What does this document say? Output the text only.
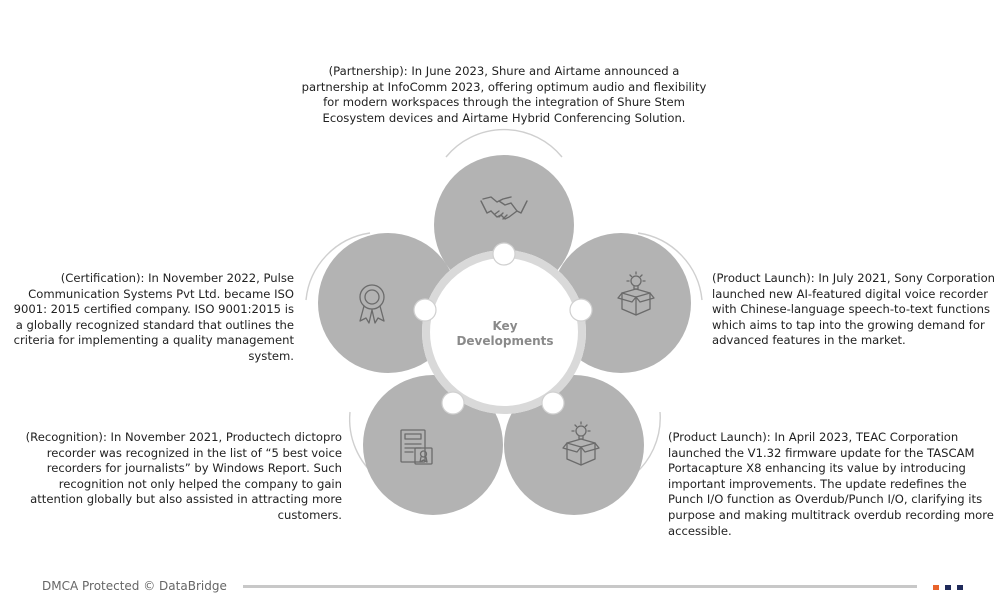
(Partnership): In June 2023, Shure and Airtame announced a partnership at InfoComm 2023, offering optimum audio and flexibility for modern workspaces through the integration of Shure Stem Ecosystem devices and Airtame Hybrid Conferencing Solution.

(Product Launch): In July 2021, Sony Corporation launched new AI-featured digital voice recorder with Chinese-language speech-to-text functions which aims to tap into the growing demand for advanced features in the market.

(Product Launch): In April 2023, TEAC Corporation launched the V1.32 firmware update for the TASCAM Portacapture X8 enhancing its value by introducing important improvements. The update redefines the Punch I/O function as Overdub/Punch I/O, clarifying its purpose and making multitrack overdub recording more accessible.

(Certification): In November 2022, Pulse Communication Systems Pvt Ltd. became ISO 9001: 2015 certified company. ISO 9001:2015 is a globally recognized standard that outlines the criteria for implementing a quality management system.

(Recognition): In November 2021, Productech dictopro recorder was recognized in the list of “5 best voice recorders for journalists” by Windows Report. Such recognition not only helped the company to gain attention globally but also assisted in attracting more customers.

Key
Developments
DMCA Protected © DataBridge
